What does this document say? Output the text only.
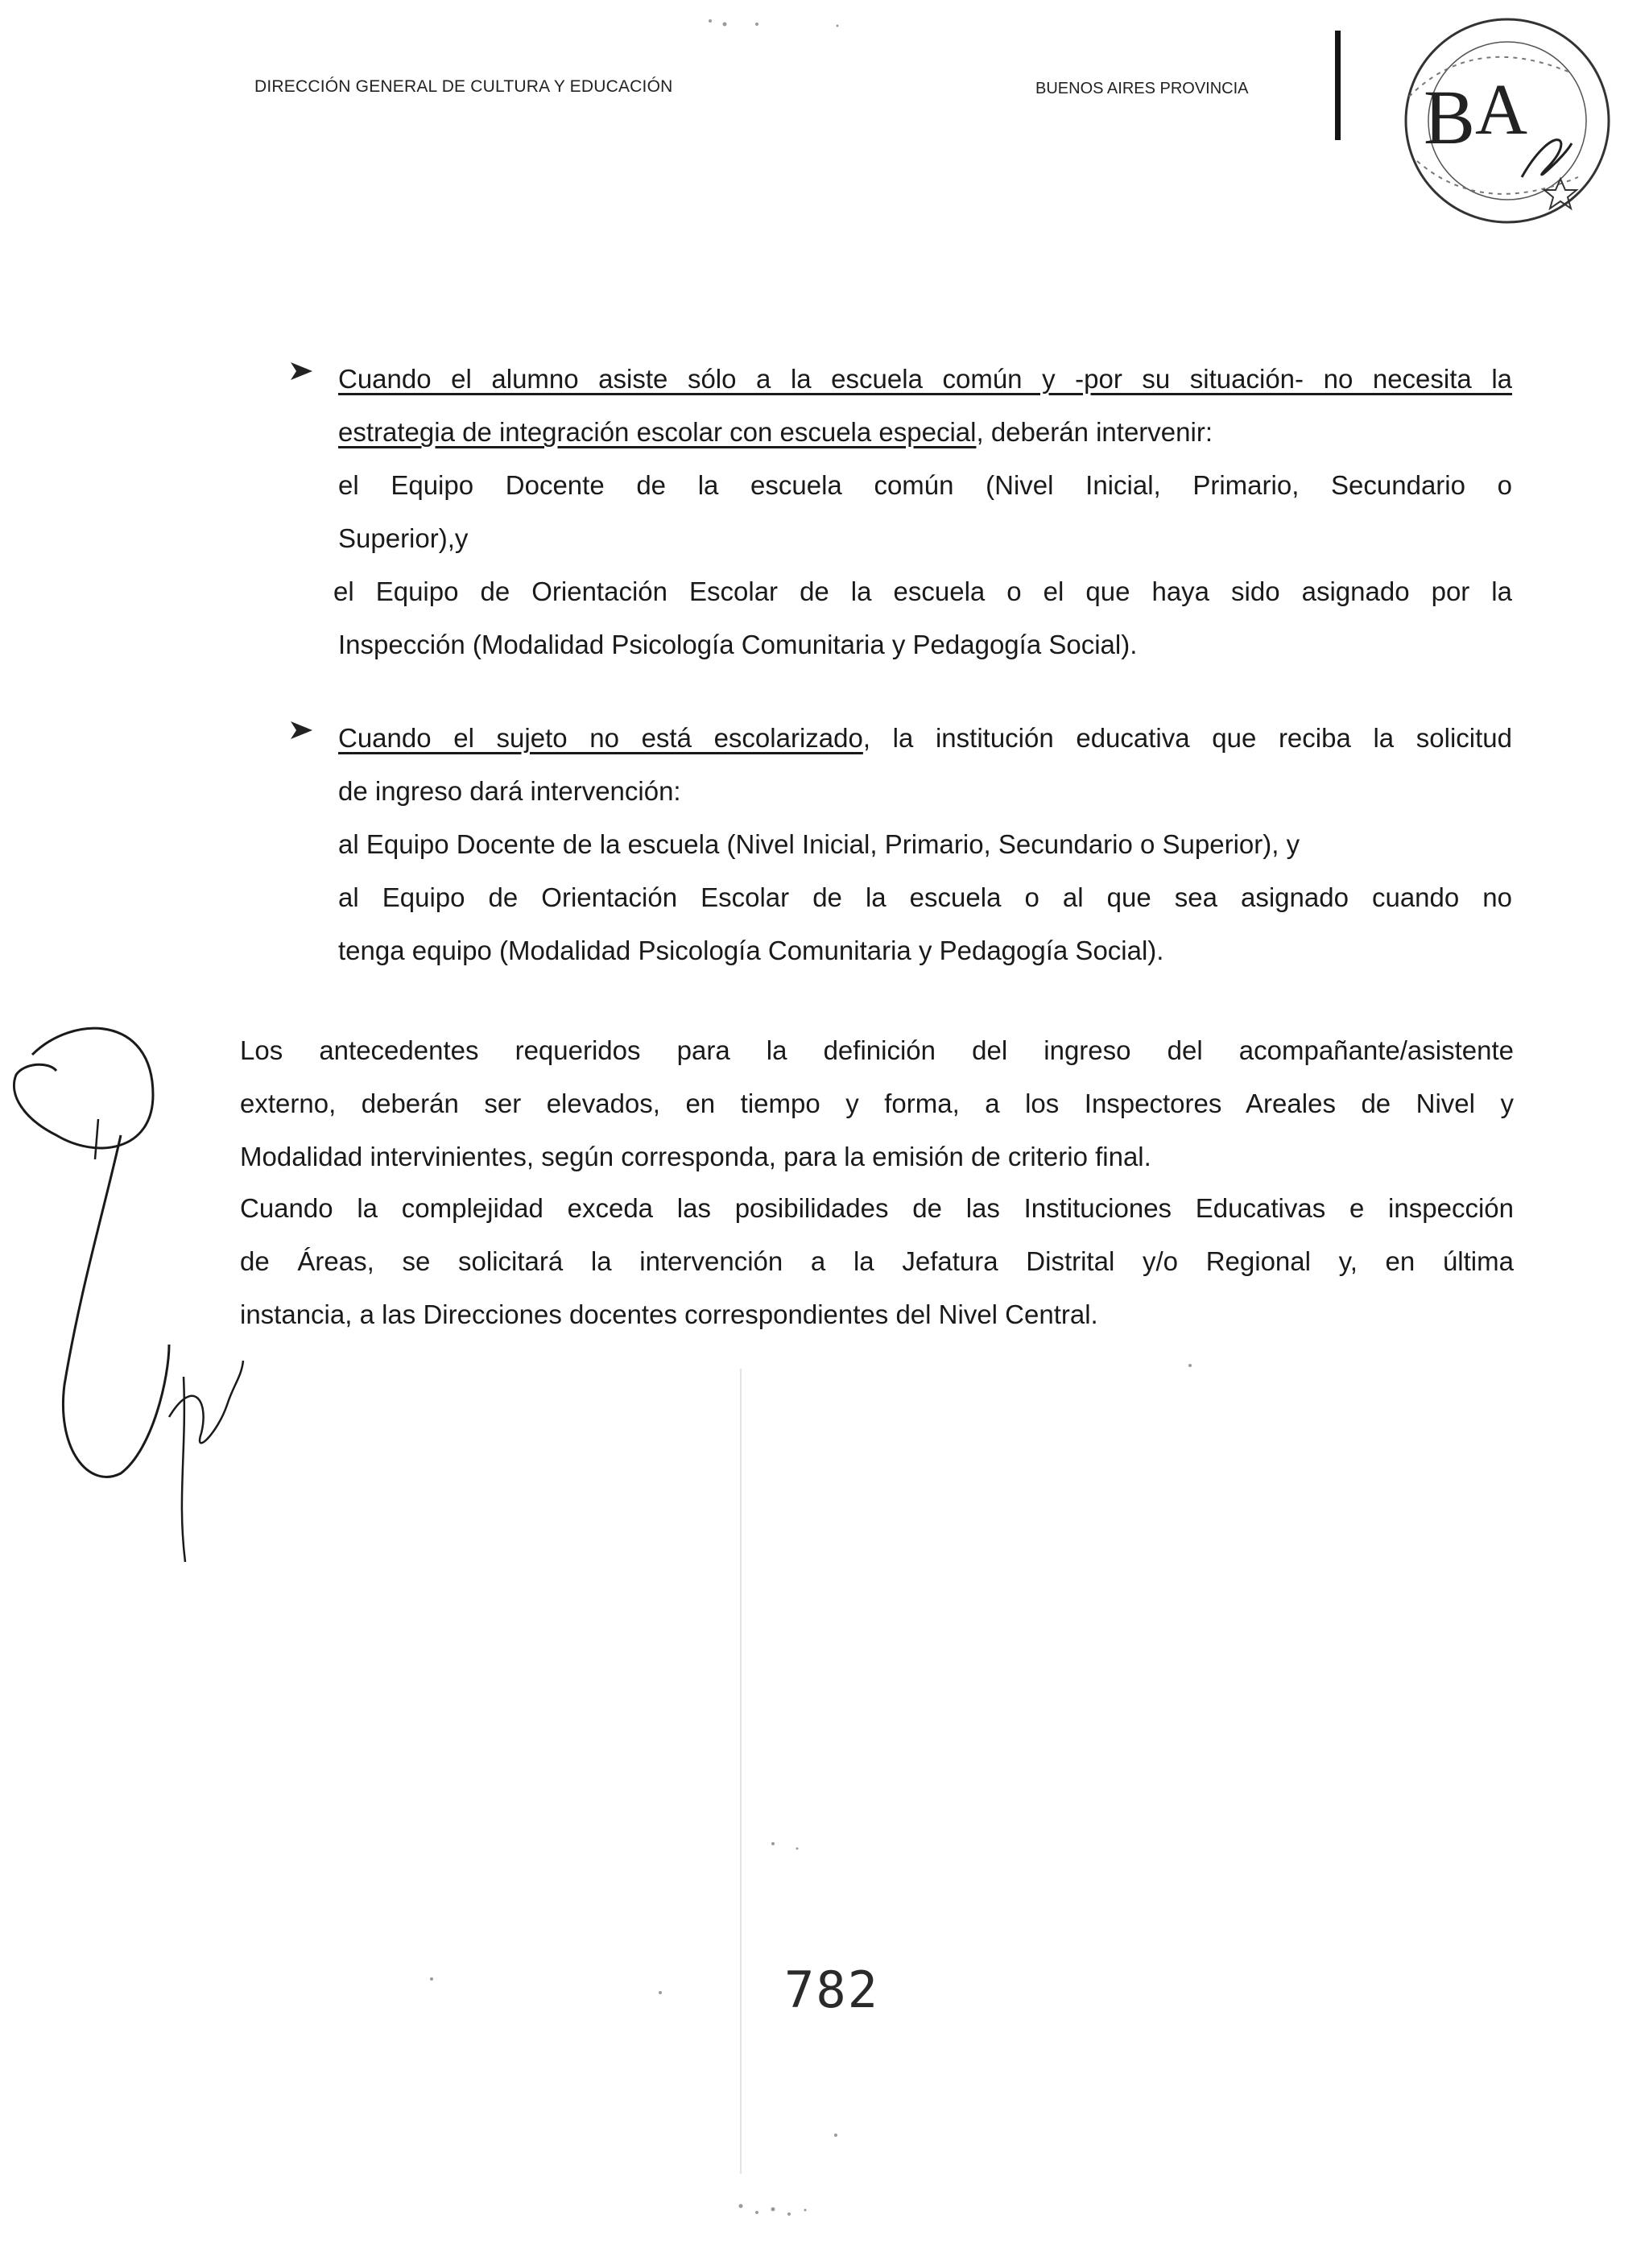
DIRECCIÓN GENERAL DE CULTURA Y EDUCACIÓN	BUENOS AIRES PROVINCIA B A
Cuando el alumno asiste sólo a la escuela común y -por su situación- no necesita la
estrategia de integración escolar con escuela especial, deberán intervenir:
el Equipo Docente de la escuela común (Nivel Inicial, Primario, Secundario o
Superior),y
el Equipo de Orientación Escolar de la escuela o el que haya sido asignado por la
Inspección (Modalidad Psicología Comunitaria y Pedagogía Social).
Cuando el sujeto no está escolarizado, la institución educativa que reciba la solicitud
de ingreso dará intervención:
al Equipo Docente de la escuela (Nivel Inicial, Primario, Secundario o Superior), y
al Equipo de Orientación Escolar de la escuela o al que sea asignado cuando no
tenga equipo (Modalidad Psicología Comunitaria y Pedagogía Social).
Los antecedentes requeridos para la definición del ingreso del acompañante/asistente
externo, deberán ser elevados, en tiempo y forma, a los Inspectores Areales de Nivel y
Modalidad intervinientes, según corresponda, para la emisión de criterio final.
Cuando la complejidad exceda las posibilidades de las Instituciones Educativas e inspección
de Áreas, se solicitará la intervención a la Jefatura Distrital y/o Regional y, en última
instancia, a las Direcciones docentes correspondientes del Nivel Central.
782
